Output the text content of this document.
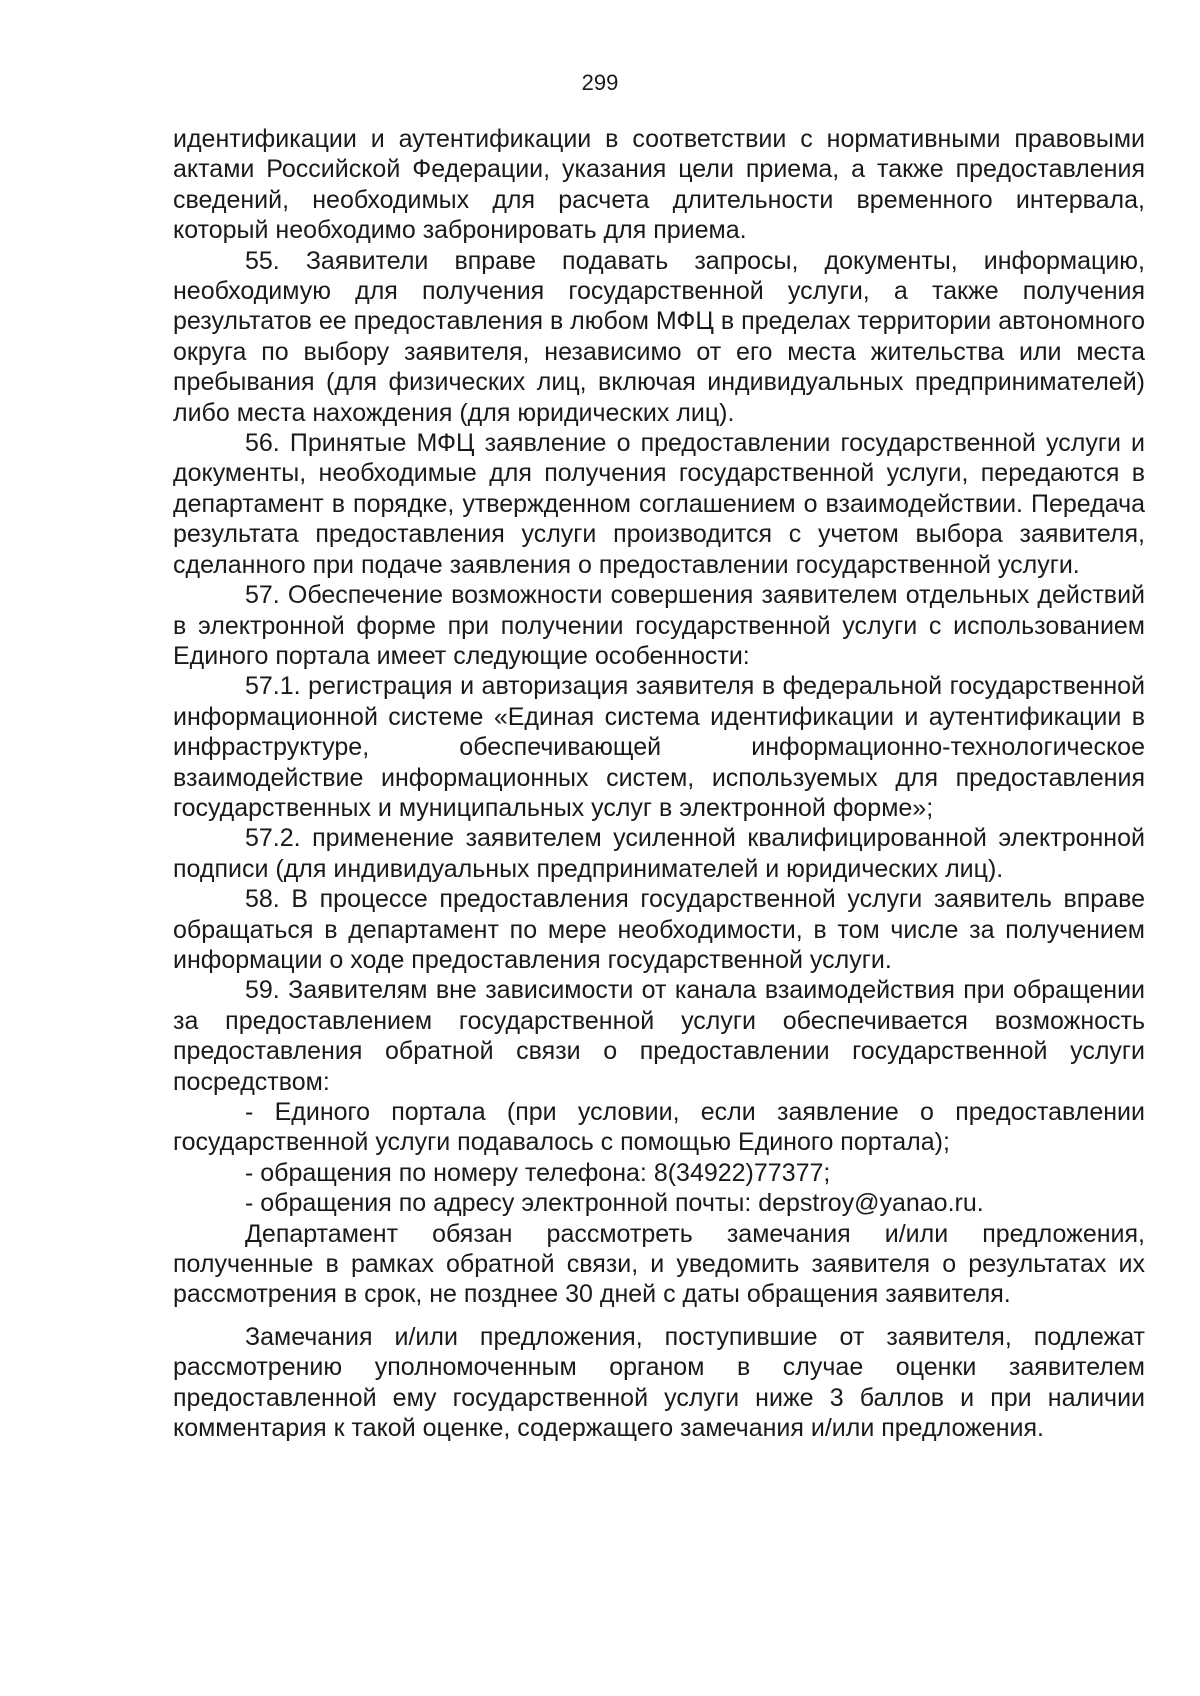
299

идентификации и аутентификации в соответствии с нормативными правовыми актами Российской Федерации, указания цели приема, а также предоставления сведений, необходимых для расчета длительности временного интервала, который необходимо забронировать для приема.

55. Заявители вправе подавать запросы, документы, информацию, необходимую для получения государственной услуги, а также получения результатов ее предоставления в любом МФЦ в пределах территории автономного округа по выбору заявителя, независимо от его места жительства или места пребывания (для физических лиц, включая индивидуальных предпринимателей) либо места нахождения (для юридических лиц).

56. Принятые МФЦ заявление о предоставлении государственной услуги и документы, необходимые для получения государственной услуги, передаются в департамент в порядке, утвержденном соглашением о взаимодействии. Передача результата предоставления услуги производится с учетом выбора заявителя, сделанного при подаче заявления о предоставлении государственной услуги.

57. Обеспечение возможности совершения заявителем отдельных действий в электронной форме при получении государственной услуги с использованием Единого портала имеет следующие особенности:

57.1. регистрация и авторизация заявителя в федеральной государственной информационной системе «Единая система идентификации и аутентификации в инфраструктуре, обеспечивающей информационно-технологическое взаимодействие информационных систем, используемых для предоставления государственных и муниципальных услуг в электронной форме»;

57.2. применение заявителем усиленной квалифицированной электронной подписи (для индивидуальных предпринимателей и юридических лиц).

58. В процессе предоставления государственной услуги заявитель вправе обращаться в департамент по мере необходимости, в том числе за получением информации о ходе предоставления государственной услуги.

59. Заявителям вне зависимости от канала взаимодействия при обращении за предоставлением государственной услуги обеспечивается возможность предоставления обратной связи о предоставлении государственной услуги посредством:

- Единого портала (при условии, если заявление о предоставлении государственной услуги подавалось с помощью Единого портала);

- обращения по номеру телефона: 8(34922)77377;

- обращения по адресу электронной почты: depstroy@yanao.ru.

Департамент обязан рассмотреть замечания и/или предложения, полученные в рамках обратной связи, и уведомить заявителя о результатах их рассмотрения в срок, не позднее 30 дней с даты обращения заявителя.

Замечания и/или предложения, поступившие от заявителя, подлежат рассмотрению уполномоченным органом в случае оценки заявителем предоставленной ему государственной услуги ниже 3 баллов и при наличии комментария к такой оценке, содержащего замечания и/или предложения.
